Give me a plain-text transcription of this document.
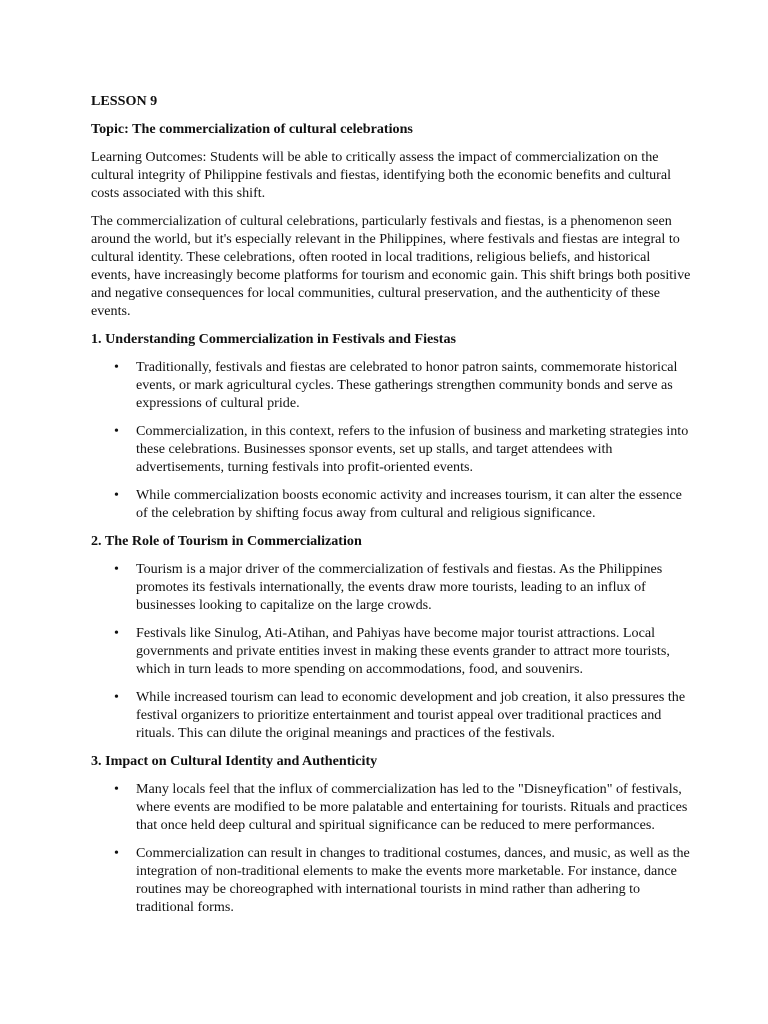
LESSON 9

Topic: The commercialization of cultural celebrations

Learning Outcomes: Students will be able to critically assess the impact of commercialization on the cultural integrity of Philippine festivals and fiestas, identifying both the economic benefits and cultural costs associated with this shift.

The commercialization of cultural celebrations, particularly festivals and fiestas, is a phenomenon seen around the world, but it's especially relevant in the Philippines, where festivals and fiestas are integral to cultural identity. These celebrations, often rooted in local traditions, religious beliefs, and historical events, have increasingly become platforms for tourism and economic gain. This shift brings both positive and negative consequences for local communities, cultural preservation, and the authenticity of these events.

1. Understanding Commercialization in Festivals and Fiestas

• Traditionally, festivals and fiestas are celebrated to honor patron saints, commemorate historical events, or mark agricultural cycles. These gatherings strengthen community bonds and serve as expressions of cultural pride.
• Commercialization, in this context, refers to the infusion of business and marketing strategies into these celebrations. Businesses sponsor events, set up stalls, and target attendees with advertisements, turning festivals into profit-oriented events.
• While commercialization boosts economic activity and increases tourism, it can alter the essence of the celebration by shifting focus away from cultural and religious significance.

2. The Role of Tourism in Commercialization

• Tourism is a major driver of the commercialization of festivals and fiestas. As the Philippines promotes its festivals internationally, the events draw more tourists, leading to an influx of businesses looking to capitalize on the large crowds.
• Festivals like Sinulog, Ati-Atihan, and Pahiyas have become major tourist attractions. Local governments and private entities invest in making these events grander to attract more tourists, which in turn leads to more spending on accommodations, food, and souvenirs.
• While increased tourism can lead to economic development and job creation, it also pressures the festival organizers to prioritize entertainment and tourist appeal over traditional practices and rituals. This can dilute the original meanings and practices of the festivals.

3. Impact on Cultural Identity and Authenticity

• Many locals feel that the influx of commercialization has led to the "Disneyfication" of festivals, where events are modified to be more palatable and entertaining for tourists. Rituals and practices that once held deep cultural and spiritual significance can be reduced to mere performances.
• Commercialization can result in changes to traditional costumes, dances, and music, as well as the integration of non-traditional elements to make the events more marketable. For instance, dance routines may be choreographed with international tourists in mind rather than adhering to traditional forms.
